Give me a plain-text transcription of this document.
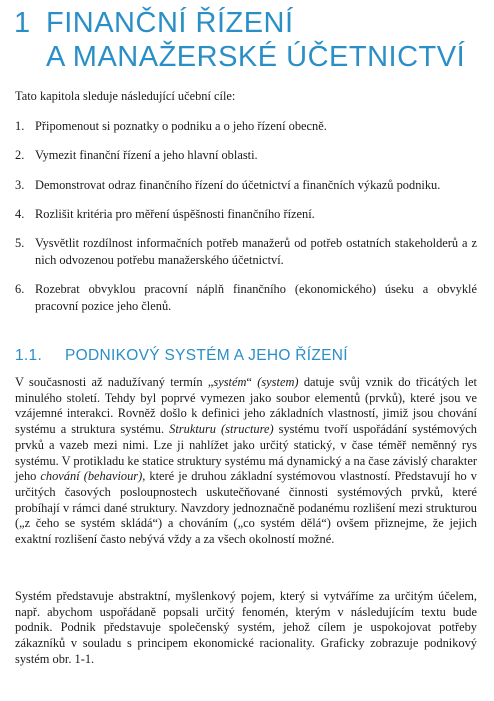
1 FINANČNÍ ŘÍZENÍ
A MANAŽERSKÉ ÚČETNICTVÍ

Tato kapitola sleduje následující učební cíle:

1. Připomenout si poznatky o podniku a o jeho řízení obecně.
2. Vymezit finanční řízení a jeho hlavní oblasti.
3. Demonstrovat odraz finančního řízení do účetnictví a finančních výkazů podniku.
4. Rozlišit kritéria pro měření úspěšnosti finančního řízení.
5. Vysvětlit rozdílnost informačních potřeb manažerů od potřeb ostatních stakeholderů a z nich odvozenou potřebu manažerského účetnictví.
6. Rozebrat obvyklou pracovní náplň finančního (ekonomického) úseku a obvyklé pracovní pozice jeho členů.
1.1. PODNIKOVÝ SYSTÉM A JEHO ŘÍZENÍ

V současnosti až nadužívaný termín „systém“ (system) datuje svůj vznik do třicátých let minulého století. Tehdy byl poprvé vymezen jako soubor elementů (prvků), které jsou ve vzájemné interakci. Rovněž došlo k definici jeho základních vlastností, jimiž jsou chování systému a struktura systému. Strukturu (structure) systému tvoří uspořádání systémových prvků a vazeb mezi nimi. Lze ji nahlížet jako určitý statický, v čase téměř neměnný rys systému. V protikladu ke statice struktury systému má dynamický a na čase závislý charakter jeho chování (behaviour), které je druhou základní systémovou vlastností. Představují ho v určitých časových posloupnostech uskutečňované činnosti systémových prvků, které probíhají v rámci dané struktury. Navzdory jednoznačně podanému rozlišení mezi strukturou („z čeho se systém skládá“) a chováním („co systém dělá“) ovšem přiznejme, že jejich exaktní rozlišení často nebývá vždy a za všech okolností možné.

Systém představuje abstraktní, myšlenkový pojem, který si vytváříme za určitým účelem, např. abychom uspořádaně popsali určitý fenomén, kterým v následujícím textu bude podnik. Podnik představuje společenský systém, jehož cílem je uspokojovat potřeby zákazníků v souladu s principem ekonomické racionality. Graficky zobrazuje podnikový systém obr. 1-1.
